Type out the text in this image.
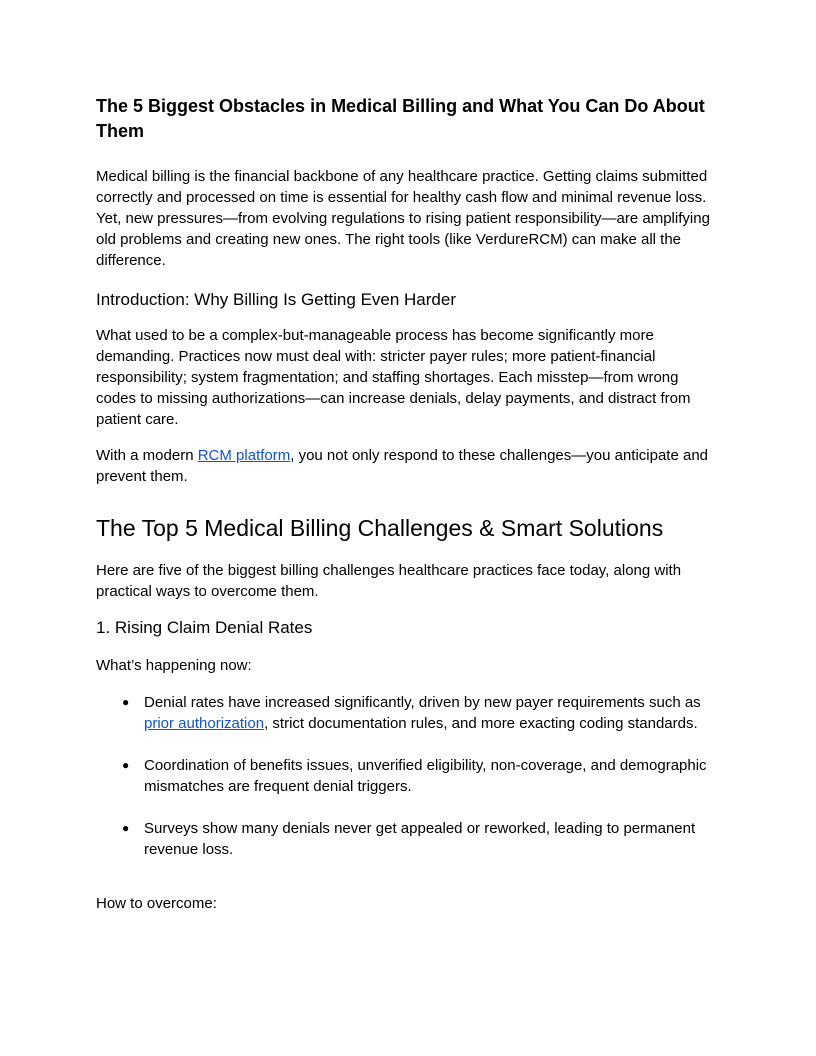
The 5 Biggest Obstacles in Medical Billing and What You Can Do About Them

Medical billing is the financial backbone of any healthcare practice. Getting claims submitted correctly and processed on time is essential for healthy cash flow and minimal revenue loss. Yet, new pressures—from evolving regulations to rising patient responsibility—are amplifying old problems and creating new ones. The right tools (like VerdureRCM) can make all the difference.

Introduction: Why Billing Is Getting Even Harder

What used to be a complex-but-manageable process has become significantly more demanding. Practices now must deal with: stricter payer rules; more patient‑financial responsibility; system fragmentation; and staffing shortages. Each misstep—from wrong codes to missing authorizations—can increase denials, delay payments, and distract from patient care.

With a modern RCM platform, you not only respond to these challenges—you anticipate and prevent them.

The Top 5 Medical Billing Challenges & Smart Solutions

Here are five of the biggest billing challenges healthcare practices face today, along with practical ways to overcome them.

1. Rising Claim Denial Rates

What’s happening now:

● Denial rates have increased significantly, driven by new payer requirements such as prior authorization, strict documentation rules, and more exacting coding standards.
● Coordination of benefits issues, unverified eligibility, non‑coverage, and demographic mismatches are frequent denial triggers.
● Surveys show many denials never get appealed or reworked, leading to permanent revenue loss.

How to overcome:
